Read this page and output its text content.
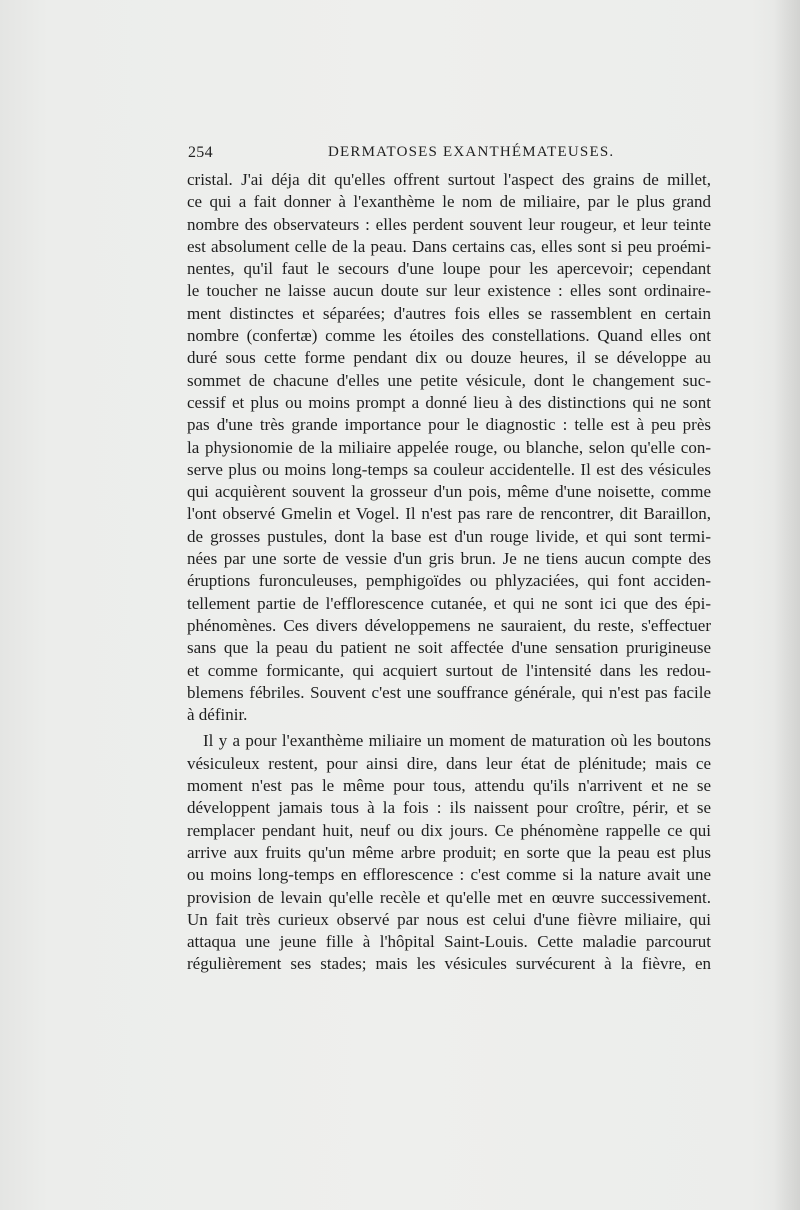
254	DERMATOSES EXANTHÉMATEUSES.
cristal. J'ai déja dit qu'elles offrent surtout l'aspect des grains de millet,
ce qui a fait donner à l'exanthème le nom de miliaire, par le plus grand
nombre des observateurs : elles perdent souvent leur rougeur, et leur teinte
est absolument celle de la peau. Dans certains cas, elles sont si peu proémi-
nentes, qu'il faut le secours d'une loupe pour les apercevoir; cependant
le toucher ne laisse aucun doute sur leur existence : elles sont ordinaire-
ment distinctes et séparées; d'autres fois elles se rassemblent en certain
nombre (confertæ) comme les étoiles des constellations. Quand elles ont
duré sous cette forme pendant dix ou douze heures, il se développe au
sommet de chacune d'elles une petite vésicule, dont le changement suc-
cessif et plus ou moins prompt a donné lieu à des distinctions qui ne sont
pas d'une très grande importance pour le diagnostic : telle est à peu près
la physionomie de la miliaire appelée rouge, ou blanche, selon qu'elle con-
serve plus ou moins long-temps sa couleur accidentelle. Il est des vésicules
qui acquièrent souvent la grosseur d'un pois, même d'une noisette, comme
l'ont observé Gmelin et Vogel. Il n'est pas rare de rencontrer, dit Baraillon,
de grosses pustules, dont la base est d'un rouge livide, et qui sont termi-
nées par une sorte de vessie d'un gris brun. Je ne tiens aucun compte des
éruptions furonculeuses, pemphigoïdes ou phlyzaciées, qui font acciden-
tellement partie de l'efflorescence cutanée, et qui ne sont ici que des épi-
phénomènes. Ces divers développemens ne sauraient, du reste, s'effectuer
sans que la peau du patient ne soit affectée d'une sensation prurigineuse
et comme formicante, qui acquiert surtout de l'intensité dans les redou-
blemens fébriles. Souvent c'est une souffrance générale, qui n'est pas facile
à définir.
Il y a pour l'exanthème miliaire un moment de maturation où les boutons
vésiculeux restent, pour ainsi dire, dans leur état de plénitude; mais ce
moment n'est pas le même pour tous, attendu qu'ils n'arrivent et ne se
développent jamais tous à la fois : ils naissent pour croître, périr, et se
remplacer pendant huit, neuf ou dix jours. Ce phénomène rappelle ce qui
arrive aux fruits qu'un même arbre produit; en sorte que la peau est plus
ou moins long-temps en efflorescence : c'est comme si la nature avait une
provision de levain qu'elle recèle et qu'elle met en œuvre successivement.
Un fait très curieux observé par nous est celui d'une fièvre miliaire, qui
attaqua une jeune fille à l'hôpital Saint-Louis. Cette maladie parcourut
régulièrement ses stades; mais les vésicules survécurent à la fièvre, en
